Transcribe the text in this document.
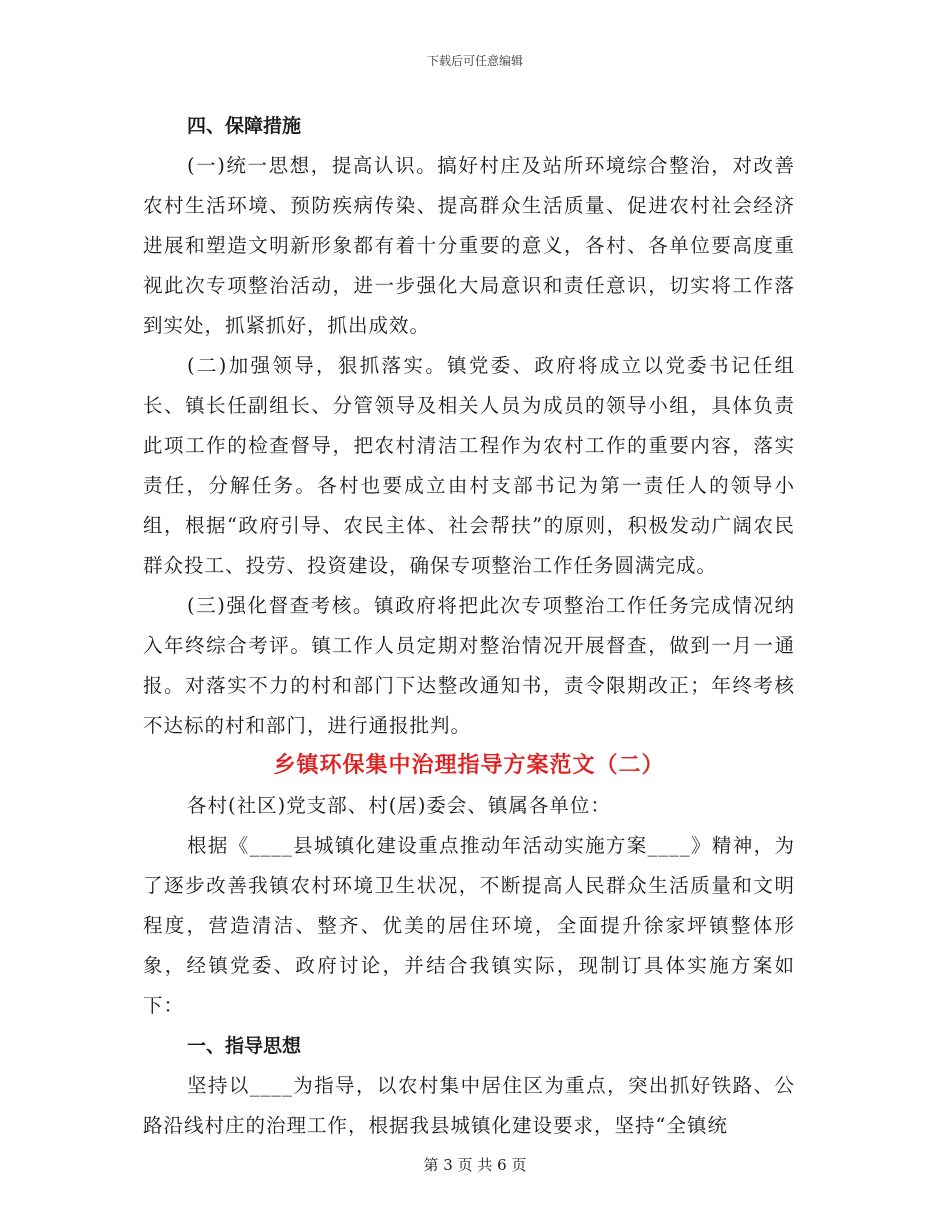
下载后可任意编辑
四、保障措施

(一)统一思想，提高认识。搞好村庄及站所环境综合整治，对改善农村生活环境、预防疾病传染、提高群众生活质量、促进农村社会经济进展和塑造文明新形象都有着十分重要的意义，各村、各单位要高度重视此次专项整治活动，进一步强化大局意识和责任意识，切实将工作落到实处，抓紧抓好，抓出成效。

(二)加强领导，狠抓落实。镇党委、政府将成立以党委书记任组长、镇长任副组长、分管领导及相关人员为成员的领导小组，具体负责此项工作的检查督导，把农村清洁工程作为农村工作的重要内容，落实责任，分解任务。各村也要成立由村支部书记为第一责任人的领导小组，根据“政府引导、农民主体、社会帮扶”的原则，积极发动广阔农民群众投工、投劳、投资建设，确保专项整治工作任务圆满完成。

(三)强化督查考核。镇政府将把此次专项整治工作任务完成情况纳入年终综合考评。镇工作人员定期对整治情况开展督查，做到一月一通报。对落实不力的村和部门下达整改通知书，责令限期改正；年终考核不达标的村和部门，进行通报批判。

乡镇环保集中治理指导方案范文（二）

各村(社区)党支部、村(居)委会、镇属各单位：

根据《____县城镇化建设重点推动年活动实施方案____》精神，为了逐步改善我镇农村环境卫生状况，不断提高人民群众生活质量和文明程度，营造清洁、整齐、优美的居住环境，全面提升徐家坪镇整体形象，经镇党委、政府讨论，并结合我镇实际，现制订具体实施方案如下：

一、指导思想

坚持以____为指导，以农村集中居住区为重点，突出抓好铁路、公路沿线村庄的治理工作，根据我县城镇化建设要求，坚持“全镇统

第 3 页 共 6 页
